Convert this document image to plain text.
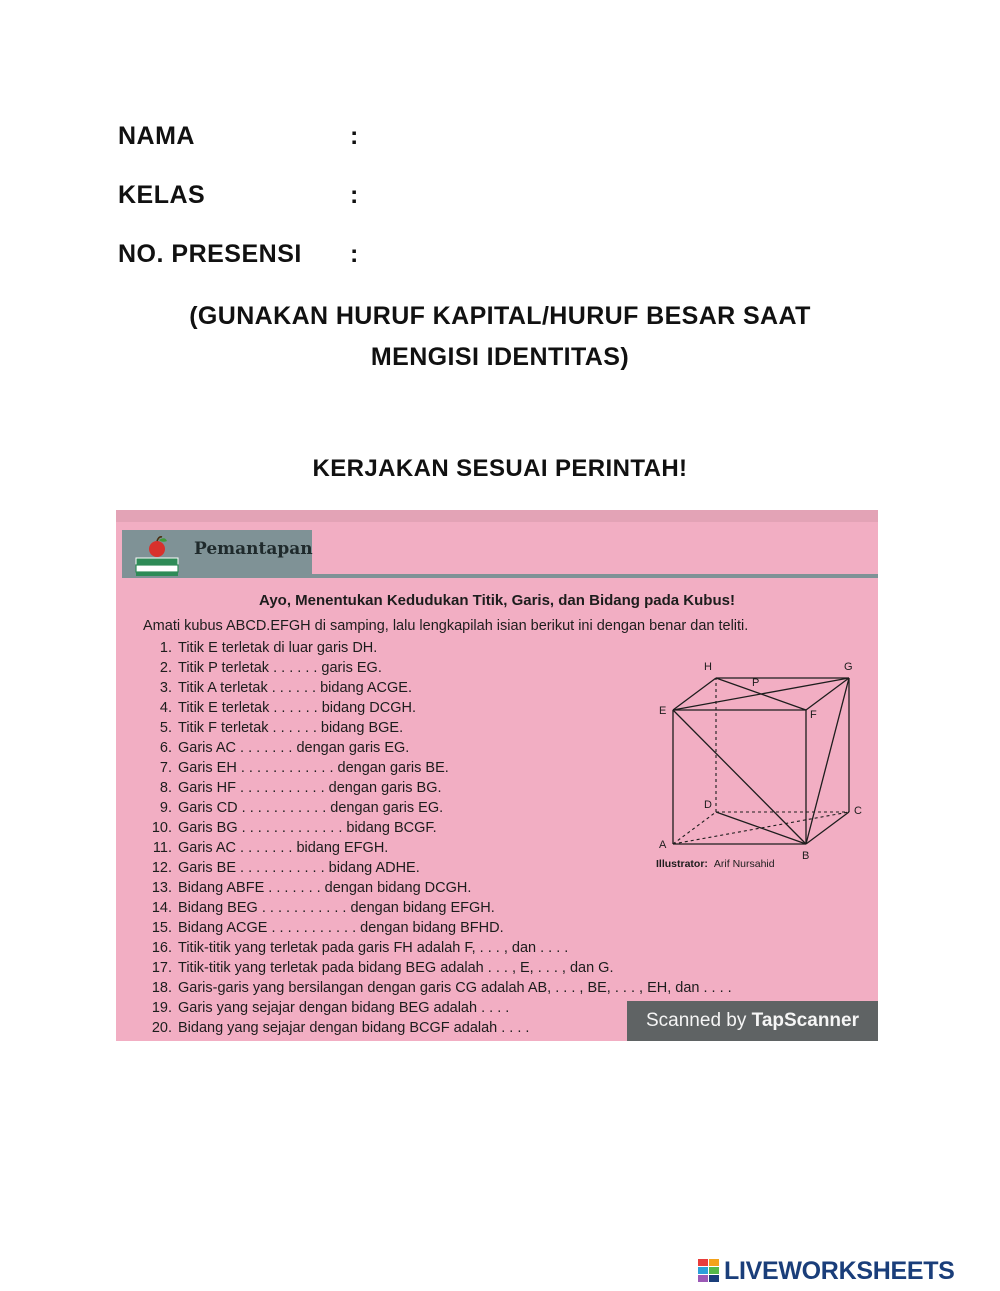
NAMA	:
KELAS	:
NO. PRESENSI :
(GUNAKAN HURUF KAPITAL/HURUF BESAR SAAT
MENGISI IDENTITAS)
KERJAKAN SESUAI PERINTAH!
Pemantapan
Ayo, Menentukan Kedudukan Titik, Garis, dan Bidang pada Kubus!
Amati kubus ABCD.EFGH di samping, lalu lengkapilah isian berikut ini dengan benar dan teliti.
1. Titik E terletak di luar garis DH.
2. Titik P terletak . . . . . . garis EG.
3. Titik A terletak . . . . . . bidang ACGE.
4. Titik E terletak . . . . . . bidang DCGH.
5. Titik F terletak . . . . . . bidang BGE.
6. Garis AC . . . . . . . dengan garis EG.
7. Garis EH . . . . . . . . . . . . dengan garis BE.
8. Garis HF . . . . . . . . . . . dengan garis BG.
9. Garis CD . . . . . . . . . . . dengan garis EG.
10. Garis BG . . . . . . . . . . . . . bidang BCGF.
11. Garis AC . . . . . . . bidang EFGH.
12. Garis BE . . . . . . . . . . . bidang ADHE.
13. Bidang ABFE . . . . . . . dengan bidang DCGH.
14. Bidang BEG . . . . . . . . . . . dengan bidang EFGH.
15. Bidang ACGE . . . . . . . . . . . dengan bidang BFHD.
16. Titik-titik yang terletak pada garis FH adalah F, . . . , dan . . . .
17. Titik-titik yang terletak pada bidang BEG adalah . . . , E, . . . , dan G.
18. Garis-garis yang bersilangan dengan garis CG adalah AB, . . . , BE, . . . , EH, dan . . . .
19. Garis yang sejajar dengan bidang BEG adalah . . . .
20. Bidang yang sejajar dengan bidang BCGF adalah . . . .
H	G
P
E	F
D	C
A
B
Illustrator: Arif Nursahid
Scanned by TapScanner
LIVEWORKSHEETS
